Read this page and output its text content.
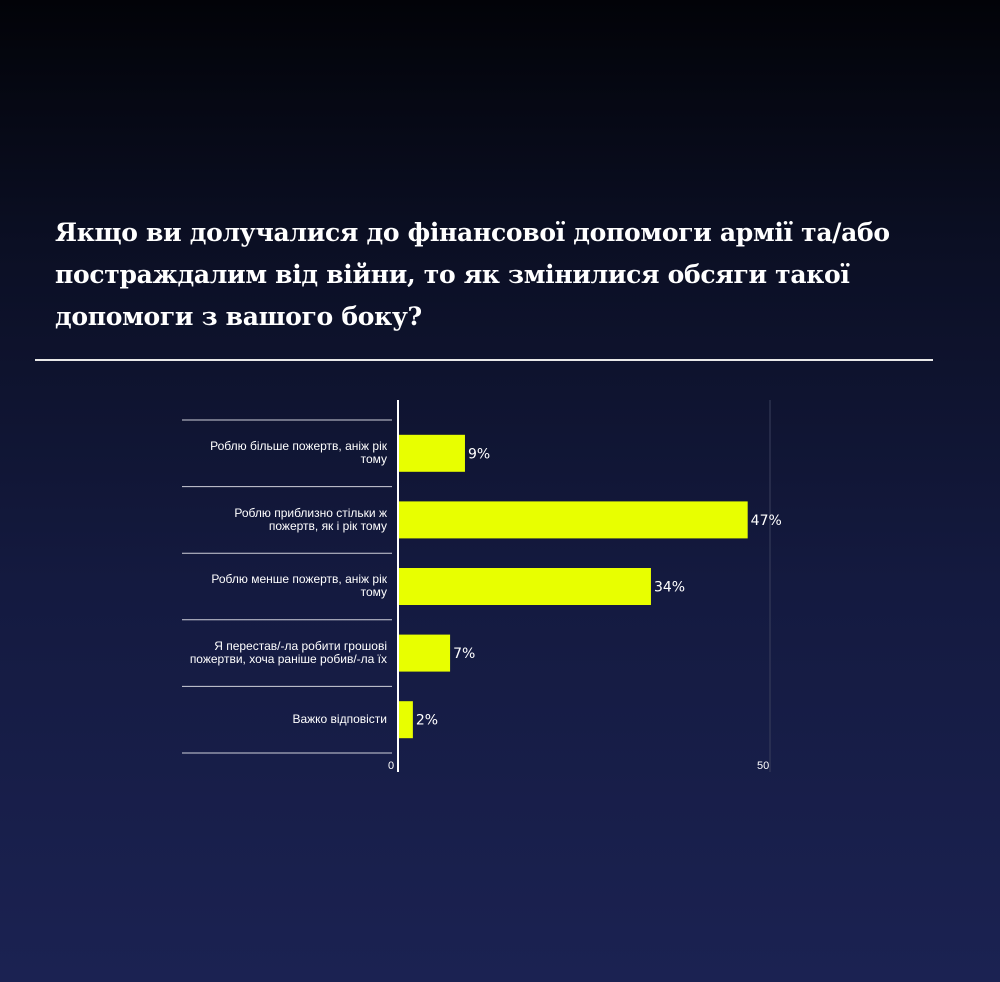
Якщо ви долучалися до фінансової допомоги армії та/або постраждалим від війни, то як змінилися обсяги такої допомоги з вашого боку?
Роблю більше пожертв, аніж рік тому
Роблю приблизно стільки ж пожертв, як і рік тому
Роблю менше пожертв, аніж рік тому
Я перестав/-ла робити грошові пожертви, хоча раніше робив/-ла їх
Важко відповісти
9%
47%
34%
7%
2%
0	50
